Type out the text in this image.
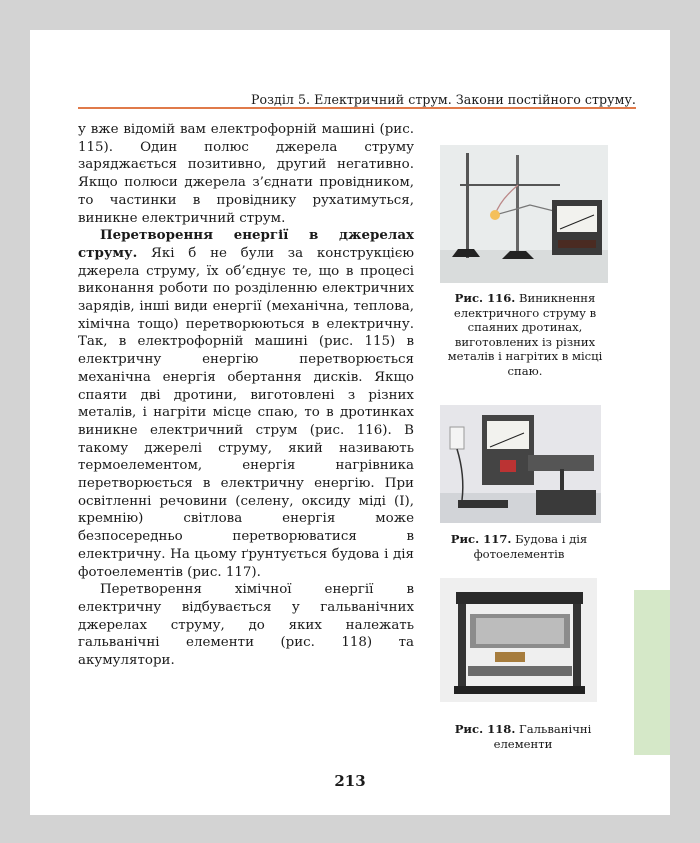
Розділ 5. Електричний струм. Закони постійного струму.

у вже відомій вам електрофорній машині (рис. 115). Один полюс джерела струму заряджається позитивно, другий негативно. Якщо полюси джерела з’єднати провідником, то частинки в провіднику рухатимуться, виникне електричний струм.

Перетворення енергії в джерелах струму. Які б не були за конструкцією джерела струму, їх об’єднує те, що в процесі виконання роботи по розділенню електричних зарядів, інші види енергії (механічна, теплова, хімічна тощо) перетворюються в електричну. Так, в електрофорній машині (рис. 115) в електричну енергію перетворюється механічна енергія обертання дисків. Якщо спаяти дві дротини, виготовлені з різних металів, і нагріти місце спаю, то в дротинках виникне електричний струм (рис. 116). В такому джерелі струму, який називають термоелементом, енергія нагрівника перетворюється в електричну енергію. При освітленні речовини (селену, оксиду міді (I), кремнію) світлова енергія може безпосередньо перетворюватися в електричну. На цьому ґрунтується будова і дія фотоелементів (рис. 117).

Перетворення хімічної енергії в електричну відбувається у гальванічних джерелах струму, до яких належать гальванічні елементи (рис. 118) та акумулятори.

Рис. 116. Виникнення електричного струму в спаяних дротинах, виготовлених із різних металів і нагрітих в місці спаю.
Рис. 117. Будова і дія фотоелементів
Рис. 118. Гальванічні елементи
213
